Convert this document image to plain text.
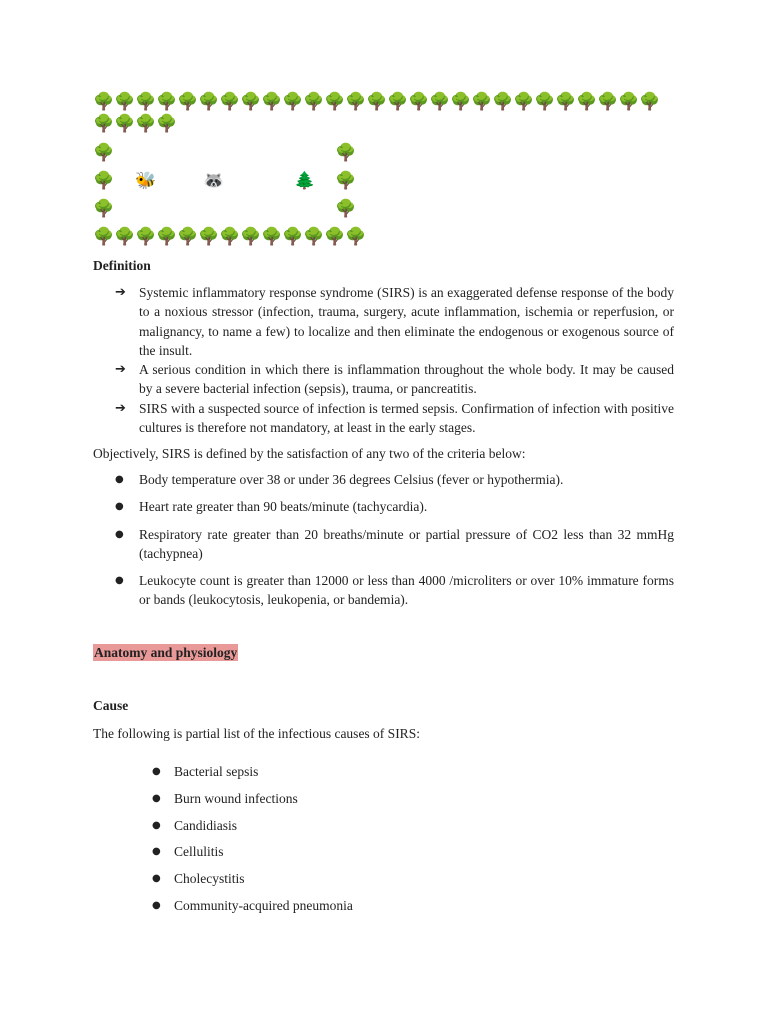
🌳 🌳 🌳 🌳 🌳 🌳 🌳 🌳 🌳 🌳 🌳 🌳 🌳 🌳 🌳 🌳 🌳 🌳 🌳 🌳 🌳 🌳 🌳 🌳 🌳 🌳 🌳
🌳 🌳 🌳 🌳
🌳	🌳
🌳	🌳
🌳	🌳
🐝	🦝	🌲
🌳 🌳 🌳 🌳 🌳 🌳 🌳 🌳 🌳 🌳 🌳 🌳 🌳
Definition
➔ Systemic inflammatory response syndrome (SIRS) is an exaggerated defense response of the body to a noxious stressor (infection, trauma, surgery, acute inflammation, ischemia or reperfusion, or malignancy, to name a few) to localize and then eliminate the endogenous or exogenous source of the insult.
➔ A serious condition in which there is inflammation throughout the whole body. It may be caused by a severe bacterial infection (sepsis), trauma, or pancreatitis.
➔ SIRS with a suspected source of infection is termed sepsis. Confirmation of infection with positive cultures is therefore not mandatory, at least in the early stages.
Objectively, SIRS is defined by the satisfaction of any two of the criteria below:
● Body temperature over 38 or under 36 degrees Celsius (fever or hypothermia).
● Heart rate greater than 90 beats/minute (tachycardia).
● Respiratory rate greater than 20 breaths/minute or partial pressure of CO2 less than 32 mmHg (tachypnea)
● Leukocyte count is greater than 12000 or less than 4000 /microliters or over 10% immature forms or bands (leukocytosis, leukopenia, or bandemia).
Anatomy and physiology
Cause
The following is partial list of the infectious causes of SIRS:
● Bacterial sepsis
● Burn wound infections
● Candidiasis
● Cellulitis
● Cholecystitis
● Community-acquired pneumonia
